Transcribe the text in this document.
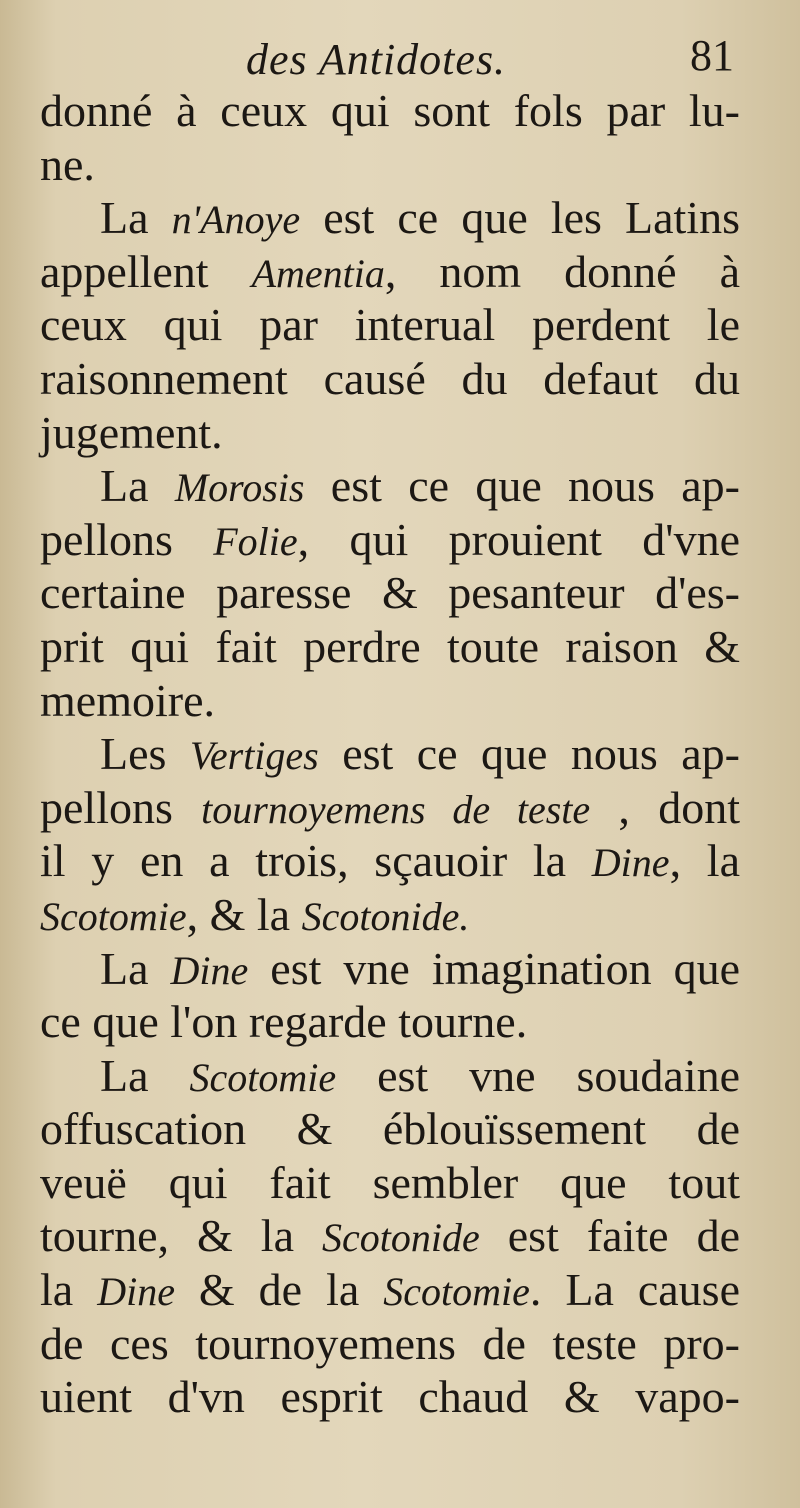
des Antidotes.	81
donné à ceux qui sont fols par lu-
ne.
La n'Anoye est ce que les Latins
appellent Amentia, nom donné à
ceux qui par interual perdent le
raisonnement causé du defaut du
jugement.
La Morosis est ce que nous ap-
pellons Folie, qui prouient d'vne
certaine paresse & pesanteur d'es-
prit qui fait perdre toute raison &
memoire.
Les Vertiges est ce que nous ap-
pellons tournoyemens de teste , dont
il y en a trois, sçauoir la Dine, la
Scotomie, & la Scotonide.
La Dine est vne imagination que
ce que l'on regarde tourne.
La Scotomie est vne soudaine
offuscation & éblouïssement de
veuë qui fait sembler que tout
tourne, & la Scotonide est faite de
la Dine & de la Scotomie. La cause
de ces tournoyemens de teste pro-
uient d'vn esprit chaud & vapo-
